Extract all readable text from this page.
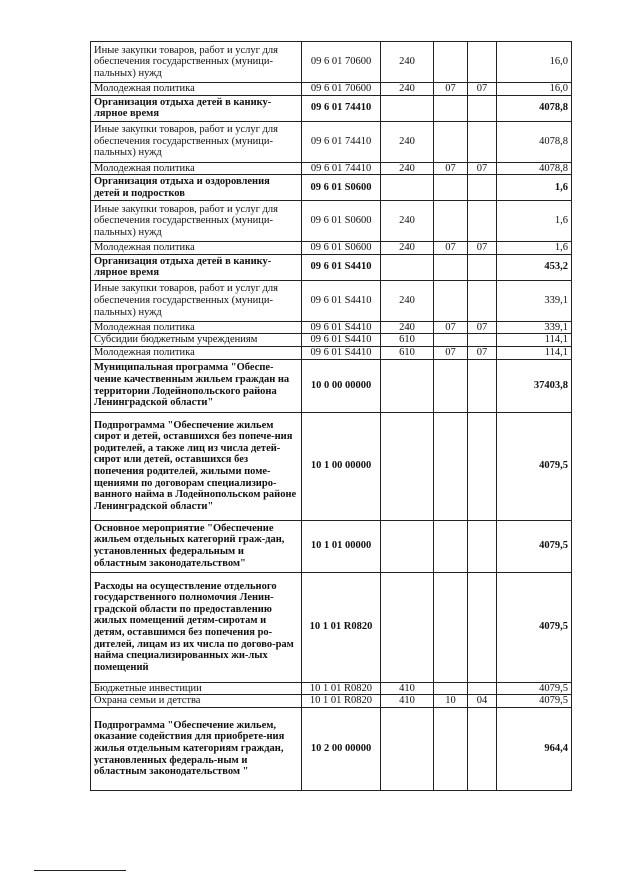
Иные закупки товаров, работ и услуг для обеспечения государственных (муници-пальных) нужд	09 6 01 70600	240			16,0
Молодежная политика	09 6 01 70600	240	07	07	16,0
Организация отдыха детей в канику-лярное время	09 6 01 74410				4078,8
Иные закупки товаров, работ и услуг для обеспечения государственных (муници-пальных) нужд	09 6 01 74410	240			4078,8
Молодежная политика	09 6 01 74410	240	07	07	4078,8
Организация отдыха и оздоровления детей и подростков	09 6 01 S0600				1,6
Иные закупки товаров, работ и услуг для обеспечения государственных (муници-пальных) нужд	09 6 01 S0600	240			1,6
Молодежная политика	09 6 01 S0600	240	07	07	1,6
Организация отдыха детей в канику-лярное время	09 6 01 S4410				453,2
Иные закупки товаров, работ и услуг для обеспечения государственных (муници-пальных) нужд	09 6 01 S4410	240			339,1
Молодежная политика	09 6 01 S4410	240	07	07	339,1
Субсидии бюджетным учреждениям	09 6 01 S4410	610			114,1
Молодежная политика	09 6 01 S4410	610	07	07	114,1
Муниципальная программа "Обеспе-чение качественным жильем граждан на территории Лодейнопольского района Ленинградской области"	10 0 00 00000				37403,8
Подпрограмма "Обеспечение жильем сирот и детей, оставшихся без попече-ния родителей, а также лиц из числа детей-сирот или детей, оставшихся без попечения родителей, жилыми поме-щениями по договорам специализиро-ванного найма в Лодейнопольском районе Ленинградской области"	10 1 00 00000				4079,5
Основное мероприятие "Обеспечение жильем отдельных категорий граж-дан, установленных федеральным и областным законодательством"	10 1 01 00000				4079,5
Расходы на осуществление отдельного государственного полномочия Ленин-градской области по предоставлению жилых помещений детям-сиротам и детям, оставшимся без попечения ро-дителей, лицам из их числа по догово-рам найма специализированных жи-лых помещений	10 1 01 R0820				4079,5
Бюджетные инвестиции	10 1 01 R0820	410			4079,5
Охрана семьи и детства	10 1 01 R0820	410	10	04	4079,5
Подпрограмма "Обеспечение жильем, оказание содействия для приобрете-ния жилья отдельным категориям граждан, установленных федераль-ным и областным законодательством "	10 2 00 00000				964,4
